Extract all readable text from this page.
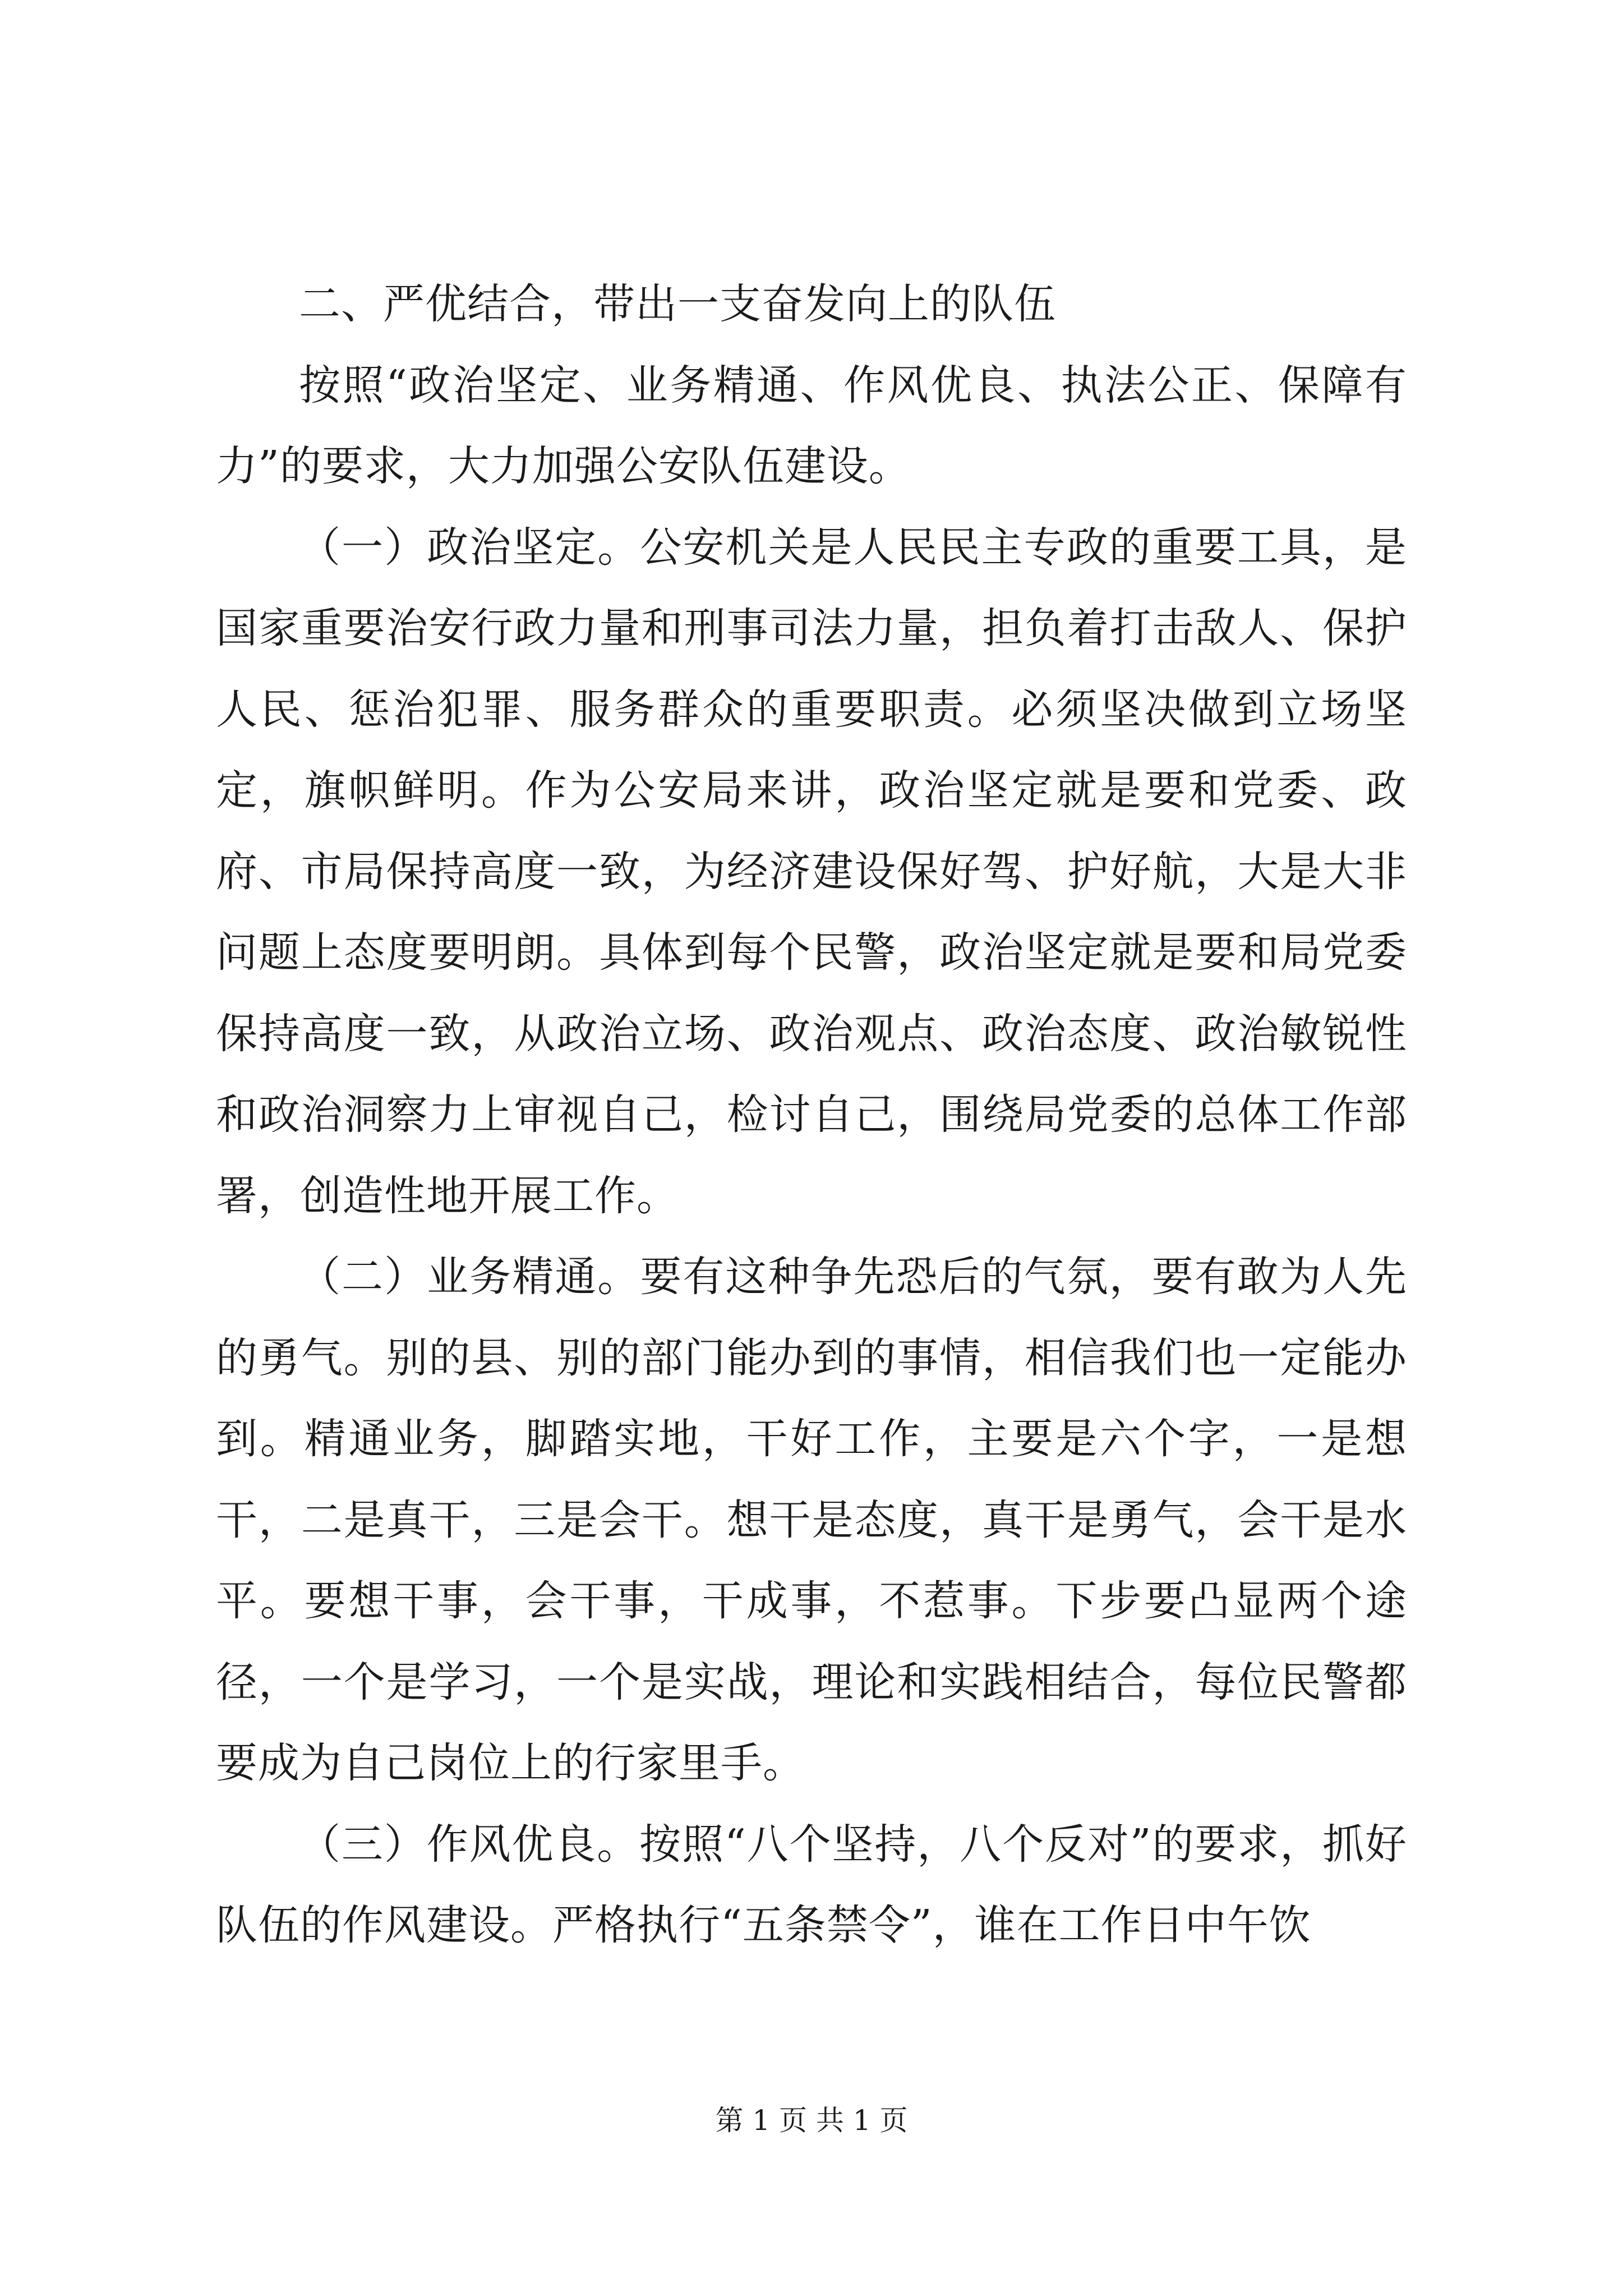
二、严优结合，带出一支奋发向上的队伍

按照“政治坚定、业务精通、作风优良、执法公正、保障有力”的要求，大力加强公安队伍建设。

（一）政治坚定。公安机关是人民民主专政的重要工具，是国家重要治安行政力量和刑事司法力量，担负着打击敌人、保护人民、惩治犯罪、服务群众的重要职责。必须坚决做到立场坚定，旗帜鲜明。作为公安局来讲，政治坚定就是要和党委、政府、市局保持高度一致，为经济建设保好驾、护好航，大是大非问题上态度要明朗。具体到每个民警，政治坚定就是要和局党委保持高度一致，从政治立场、政治观点、政治态度、政治敏锐性和政治洞察力上审视自己，检讨自己，围绕局党委的总体工作部署，创造性地开展工作。

（二）业务精通。要有这种争先恐后的气氛，要有敢为人先的勇气。别的县、别的部门能办到的事情，相信我们也一定能办到。精通业务，脚踏实地，干好工作，主要是六个字，一是想干，二是真干，三是会干。想干是态度，真干是勇气，会干是水平。要想干事，会干事，干成事，不惹事。下步要凸显两个途径，一个是学习，一个是实战，理论和实践相结合，每位民警都要成为自己岗位上的行家里手。

（三）作风优良。按照“八个坚持，八个反对”的要求，抓好队伍的作风建设。严格执行“五条禁令”，谁在工作日中午饮

第 1 页 共 1 页
